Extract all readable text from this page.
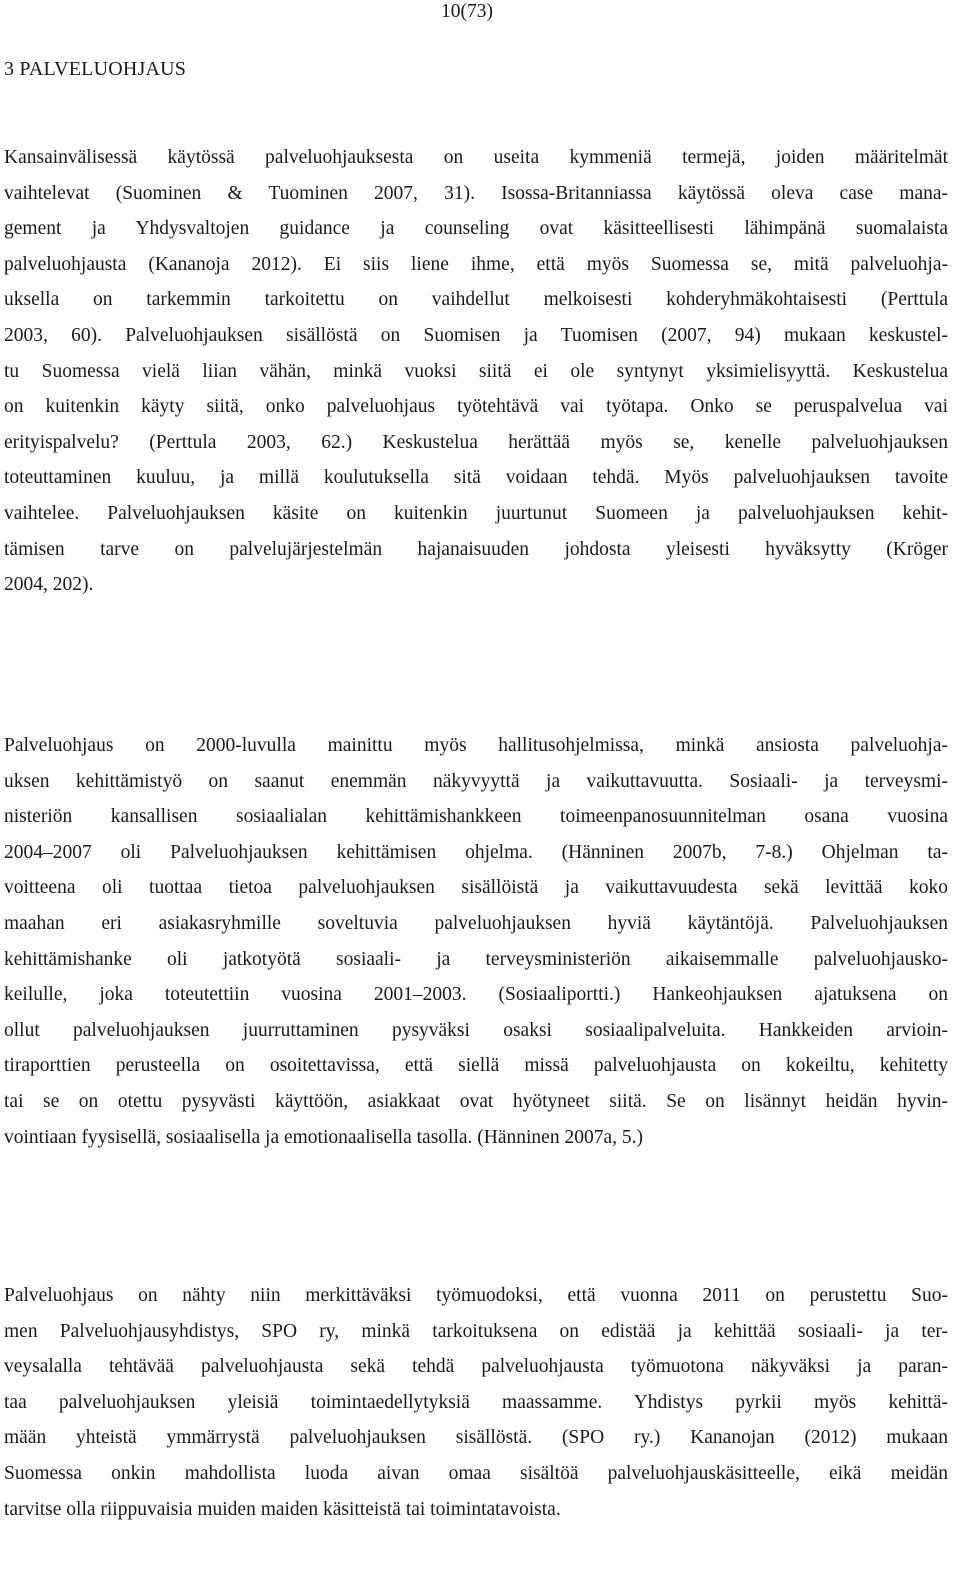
10(73)
3 PALVELUOHJAUS
Kansainvälisessä käytössä palveluohjauksesta on useita kymmeniä termejä, joiden määritelmät
vaihtelevat (Suominen & Tuominen 2007, 31). Isossa-Britanniassa käytössä oleva case mana-
gement ja Yhdysvaltojen guidance ja counseling ovat käsitteellisesti lähimpänä suomalaista
palveluohjausta (Kananoja 2012). Ei siis liene ihme, että myös Suomessa se, mitä palveluohja-
uksella on tarkemmin tarkoitettu on vaihdellut melkoisesti kohderyhmäkohtaisesti (Perttula
2003, 60). Palveluohjauksen sisällöstä on Suomisen ja Tuomisen (2007, 94) mukaan keskustel-
tu Suomessa vielä liian vähän, minkä vuoksi siitä ei ole syntynyt yksimielisyyttä. Keskustelua
on kuitenkin käyty siitä, onko palveluohjaus työtehtävä vai työtapa. Onko se peruspalvelua vai
erityispalvelu? (Perttula 2003, 62.) Keskustelua herättää myös se, kenelle palveluohjauksen
toteuttaminen kuuluu, ja millä koulutuksella sitä voidaan tehdä. Myös palveluohjauksen tavoite
vaihtelee. Palveluohjauksen käsite on kuitenkin juurtunut Suomeen ja palveluohjauksen kehit-
tämisen tarve on palvelujärjestelmän hajanaisuuden johdosta yleisesti hyväksytty (Kröger
2004, 202).
Palveluohjaus on 2000-luvulla mainittu myös hallitusohjelmissa, minkä ansiosta palveluohja-
uksen kehittämistyö on saanut enemmän näkyvyyttä ja vaikuttavuutta. Sosiaali- ja terveysmi-
nisteriön kansallisen sosiaalialan kehittämishankkeen toimeenpanosuunnitelman osana vuosina
2004–2007 oli Palveluohjauksen kehittämisen ohjelma. (Hänninen 2007b, 7-8.) Ohjelman ta-
voitteena oli tuottaa tietoa palveluohjauksen sisällöistä ja vaikuttavuudesta sekä levittää koko
maahan eri asiakasryhmille soveltuvia palveluohjauksen hyviä käytäntöjä. Palveluohjauksen
kehittämishanke oli jatkotyötä sosiaali- ja terveysministeriön aikaisemmalle palveluohjausko-
keilulle, joka toteutettiin vuosina 2001–2003. (Sosiaaliportti.) Hankeohjauksen ajatuksena on
ollut palveluohjauksen juurruttaminen pysyväksi osaksi sosiaalipalveluita. Hankkeiden arvioin-
tiraporttien perusteella on osoitettavissa, että siellä missä palveluohjausta on kokeiltu, kehitetty
tai se on otettu pysyvästi käyttöön, asiakkaat ovat hyötyneet siitä. Se on lisännyt heidän hyvin-
vointiaan fyysisellä, sosiaalisella ja emotionaalisella tasolla. (Hänninen 2007a, 5.)
Palveluohjaus on nähty niin merkittäväksi työmuodoksi, että vuonna 2011 on perustettu Suo-
men Palveluohjausyhdistys, SPO ry, minkä tarkoituksena on edistää ja kehittää sosiaali- ja ter-
veysalalla tehtävää palveluohjausta sekä tehdä palveluohjausta työmuotona näkyväksi ja paran-
taa palveluohjauksen yleisiä toimintaedellytyksiä maassamme. Yhdistys pyrkii myös kehittä-
mään yhteistä ymmärrystä palveluohjauksen sisällöstä. (SPO ry.) Kananojan (2012) mukaan
Suomessa onkin mahdollista luoda aivan omaa sisältöä palveluohjauskäsitteelle, eikä meidän
tarvitse olla riippuvaisia muiden maiden käsitteistä tai toimintatavoista.
